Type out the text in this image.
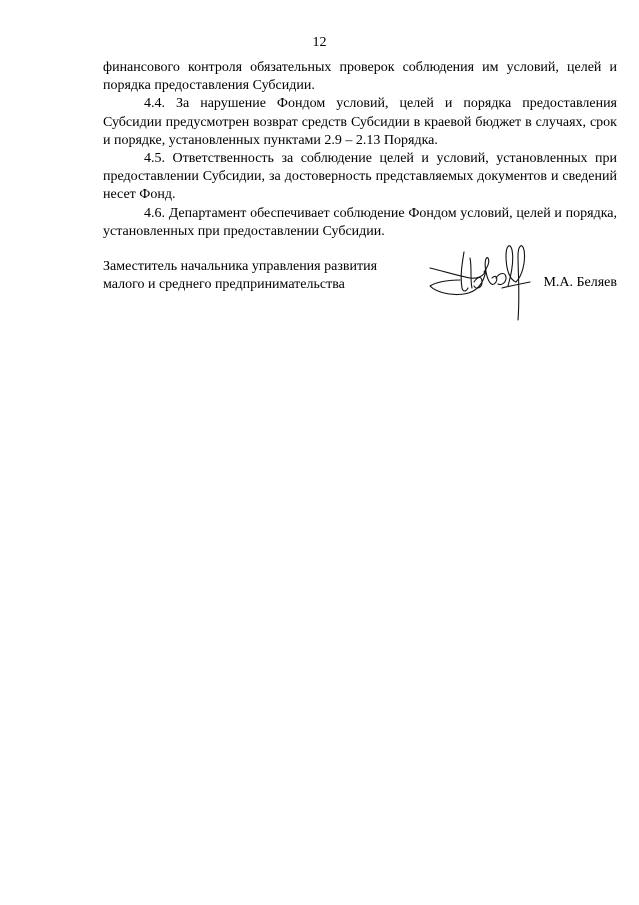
12

финансового контроля обязательных проверок соблюдения им условий, целей и порядка предоставления Субсидии.

4.4. За нарушение Фондом условий, целей и порядка предоставления Субсидии предусмотрен возврат средств Субсидии в краевой бюджет в случаях, срок и порядке, установленных пунктами 2.9 – 2.13 Порядка.

4.5. Ответственность за соблюдение целей и условий, установленных при предоставлении Субсидии, за достоверность представляемых документов и сведений несет Фонд.

4.6. Департамент обеспечивает соблюдение Фондом условий, целей и порядка, установленных при предоставлении Субсидии.

Заместитель начальника управления развития
малого и среднего предпринимательства	М.А. Беляев
